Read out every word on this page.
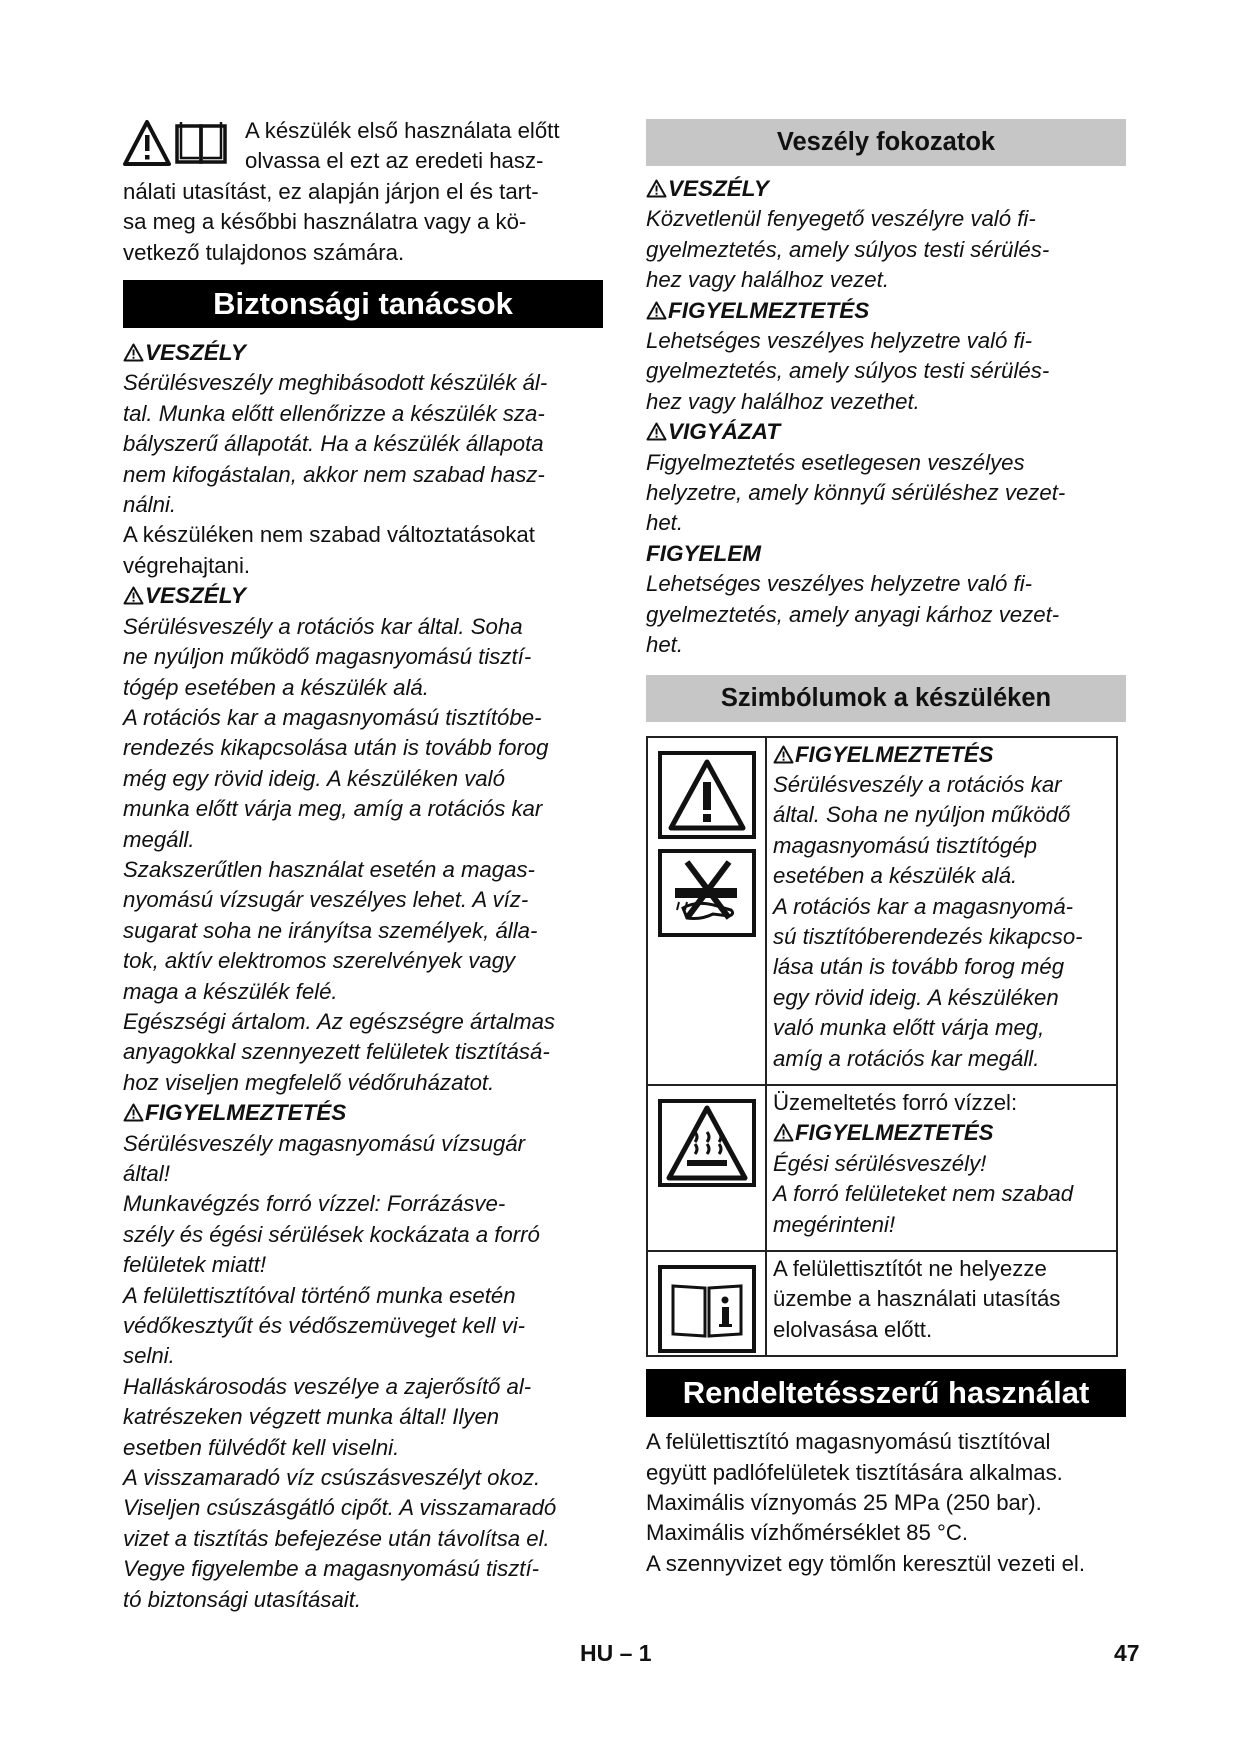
A készülék első használata előtt

olvassa el ezt az eredeti hasz-

nálati utasítást, ez alapján járjon el és tart-

sa meg a későbbi használatra vagy a kö-

vetkező tulajdonos számára.

Biztonsági tanácsok

VESZÉLY

Sérülésveszély meghibásodott készülék ál-

tal. Munka előtt ellenőrizze a készülék sza-

bályszerű állapotát. Ha a készülék állapota

nem kifogástalan, akkor nem szabad hasz-

nálni.

A készüléken nem szabad változtatásokat

végrehajtani.

VESZÉLY

Sérülésveszély a rotációs kar által. Soha

ne nyúljon működő magasnyomású tisztí-

tógép esetében a készülék alá.

A rotációs kar a magasnyomású tisztítóbe-

rendezés kikapcsolása után is tovább forog

még egy rövid ideig. A készüléken való

munka előtt várja meg, amíg a rotációs kar

megáll.

Szakszerűtlen használat esetén a magas-

nyomású vízsugár veszélyes lehet. A víz-

sugarat soha ne irányítsa személyek, álla-

tok, aktív elektromos szerelvények vagy

maga a készülék felé.

Egészségi ártalom. Az egészségre ártalmas

anyagokkal szennyezett felületek tisztításá-

hoz viseljen megfelelő védőruházatot.

FIGYELMEZTETÉS

Sérülésveszély magasnyomású vízsugár

által!

Munkavégzés forró vízzel: Forrázásve-

szély és égési sérülések kockázata a forró

felületek miatt!

A felülettisztítóval történő munka esetén

védőkesztyűt és védőszemüveget kell vi-

selni.

Halláskárosodás veszélye a zajerősítő al-

katrészeken végzett munka által! Ilyen

esetben fülvédőt kell viselni.

A visszamaradó víz csúszásveszélyt okoz.

Viseljen csúszásgátló cipőt. A visszamaradó

vizet a tisztítás befejezése után távolítsa el.

Vegye figyelembe a magasnyomású tisztí-

tó biztonsági utasításait.

Veszély fokozatok

VESZÉLY

Közvetlenül fenyegető veszélyre való fi-

gyelmeztetés, amely súlyos testi sérülés-

hez vagy halálhoz vezet.

FIGYELMEZTETÉS

Lehetséges veszélyes helyzetre való fi-

gyelmeztetés, amely súlyos testi sérülés-

hez vagy halálhoz vezethet.

VIGYÁZAT

Figyelmeztetés esetlegesen veszélyes

helyzetre, amely könnyű sérüléshez vezet-

het.

FIGYELEM

Lehetséges veszélyes helyzetre való fi-

gyelmeztetés, amely anyagi kárhoz vezet-

het.

Szimbólumok a készüléken

FIGYELMEZTETÉS

Sérülésveszély a rotációs kar

által. Soha ne nyúljon működő

magasnyomású tisztítógép

esetében a készülék alá.

A rotációs kar a magasnyomá-

sú tisztítóberendezés kikapcso-

lása után is tovább forog még

egy rövid ideig. A készüléken

való munka előtt várja meg,

amíg a rotációs kar megáll.

Üzemeltetés forró vízzel:

FIGYELMEZTETÉS

Égési sérülésveszély!

A forró felületeket nem szabad

megérinteni!

A felülettisztítót ne helyezze

üzembe a használati utasítás

elolvasása előtt.

Rendeltetésszerű használat

A felülettisztító magasnyomású tisztítóval

együtt padlófelületek tisztítására alkalmas.

Maximális víznyomás 25 MPa (250 bar).

Maximális vízhőmérséklet 85 °C.

A szennyvizet egy tömlőn keresztül vezeti el.

HU – 1	47
